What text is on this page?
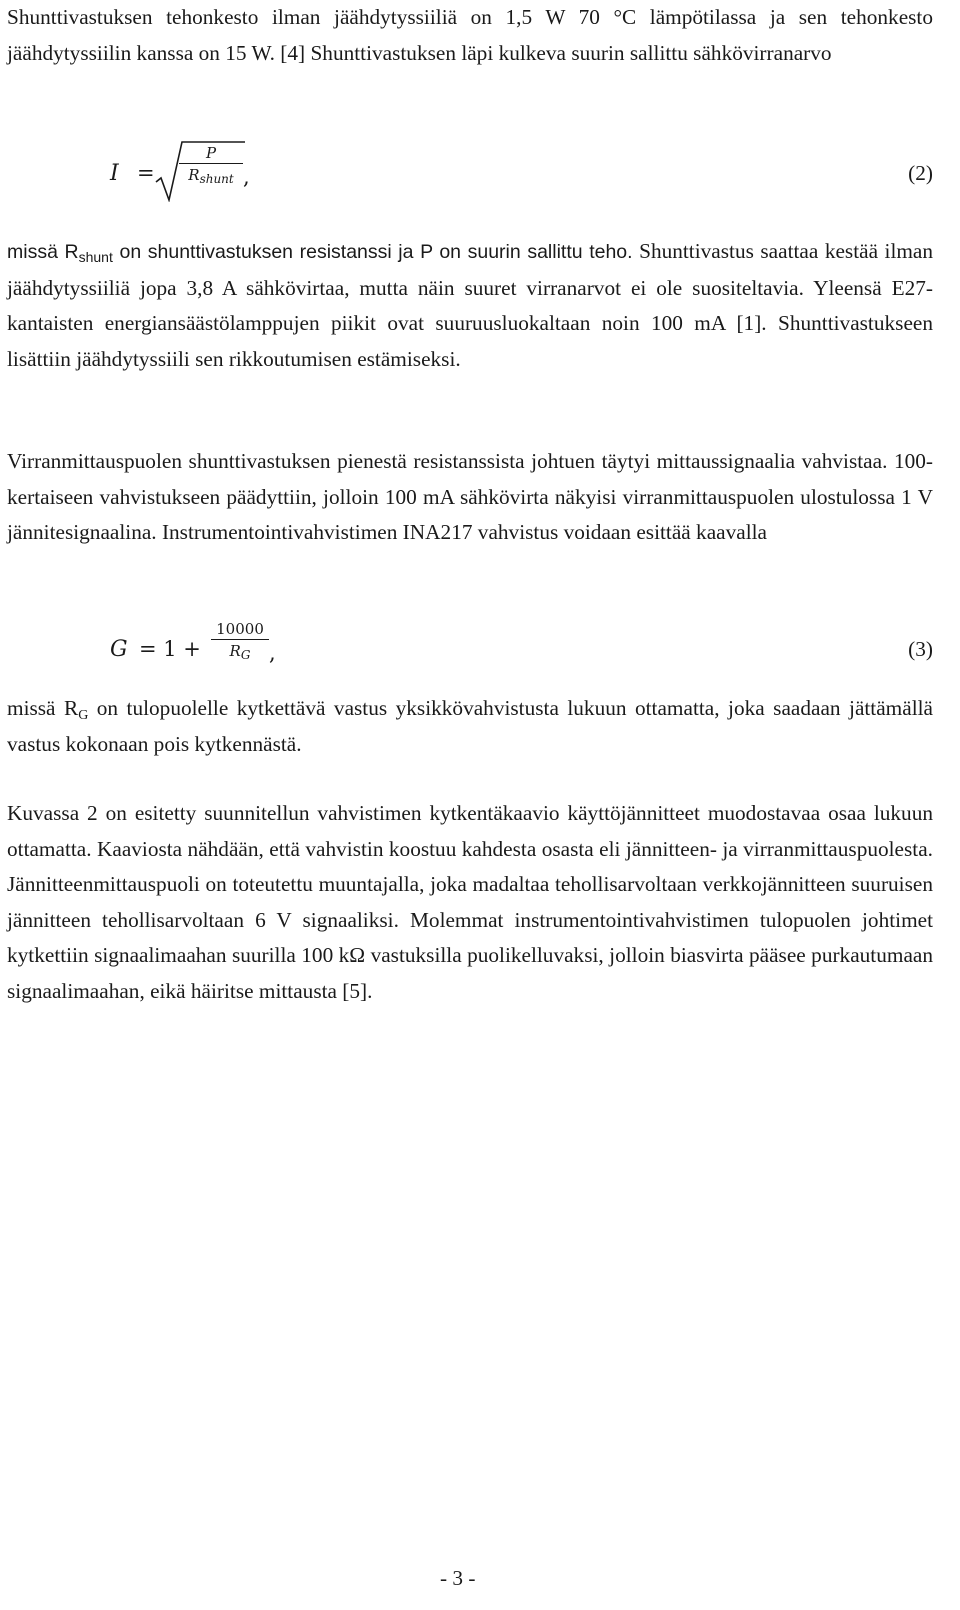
Shunttivastuksen tehonkesto ilman jäähdytyssiiliä on 1,5 W 70 °C lämpötilassa ja sen tehonkesto jäähdytyssiilin kanssa on 15 W. [4] Shunttivastuksen läpi kulkeva suurin sallittu sähkövirranarvo

I =
P
$R_{shunt}$ ,	(2)

missä $R_{shunt}$ on shunttivastuksen resistanssi ja P on suurin sallittu teho. Shunttivastus saattaa kestää ilman jäähdytyssiiliä jopa 3,8 A sähkövirtaa, mutta näin suuret virranarvot ei ole suositeltavia. Yleensä E27-kantaisten energiansäästölamppujen piikit ovat suuruusluokaltaan noin 100 mA [1]. Shunttivastukseen lisättiin jäähdytyssiili sen rikkoutumisen estämiseksi.

Virranmittauspuolen shunttivastuksen pienestä resistanssista johtuen täytyi mittaussignaalia vahvistaa. 100-kertaiseen vahvistukseen päädyttiin, jolloin 100 mA sähkövirta näkyisi virranmittauspuolen ulostulossa 1 V jännitesignaalina. Instrumentointivahvistimen INA217 vahvistus voidaan esittää kaavalla

G = 1 +
10000
$R_G$ ,	(3)

missä $R_G$ on tulopuolelle kytkettävä vastus yksikkövahvistusta lukuun ottamatta, joka saadaan jättämällä vastus kokonaan pois kytkennästä.

Kuvassa 2 on esitetty suunnitellun vahvistimen kytkentäkaavio käyttöjännitteet muodostavaa osaa lukuun ottamatta. Kaaviosta nähdään, että vahvistin koostuu kahdesta osasta eli jännitteen- ja virranmittauspuolesta. Jännitteenmittauspuoli on toteutettu muuntajalla, joka madaltaa tehollisarvoltaan verkkojännitteen suuruisen jännitteen tehollisarvoltaan 6 V signaaliksi. Molemmat instrumentointivahvistimen tulopuolen johtimet kytkettiin signaalimaahan suurilla 100 kΩ vastuksilla puolikelluvaksi, jolloin biasvirta pääsee purkautumaan signaalimaahan, eikä häiritse mittausta [5].

- 3 -
